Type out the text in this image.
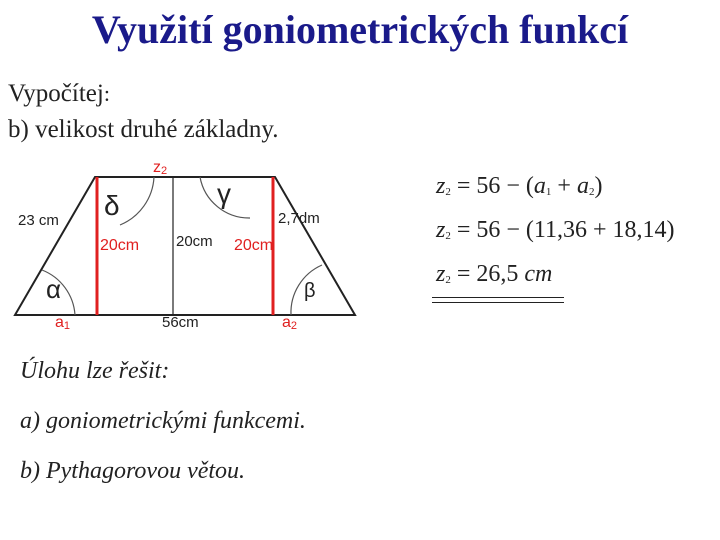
Využití goniometrických funkcí
Vypočítej:
b) velikost druhé základny.
z2
23 cm	2,7dm
20cm 20cm 20cm
δ	γ
α	β
a1	56cm	a2
$z_2 = 56 - (a_1 + a_2)$
$z_2 = 56 - (11,36 + 18,14)$
$z_2 = 26,5$ cm
Úlohu lze řešit:
a) goniometrickými funkcemi.
b) Pythagorovou větou.
